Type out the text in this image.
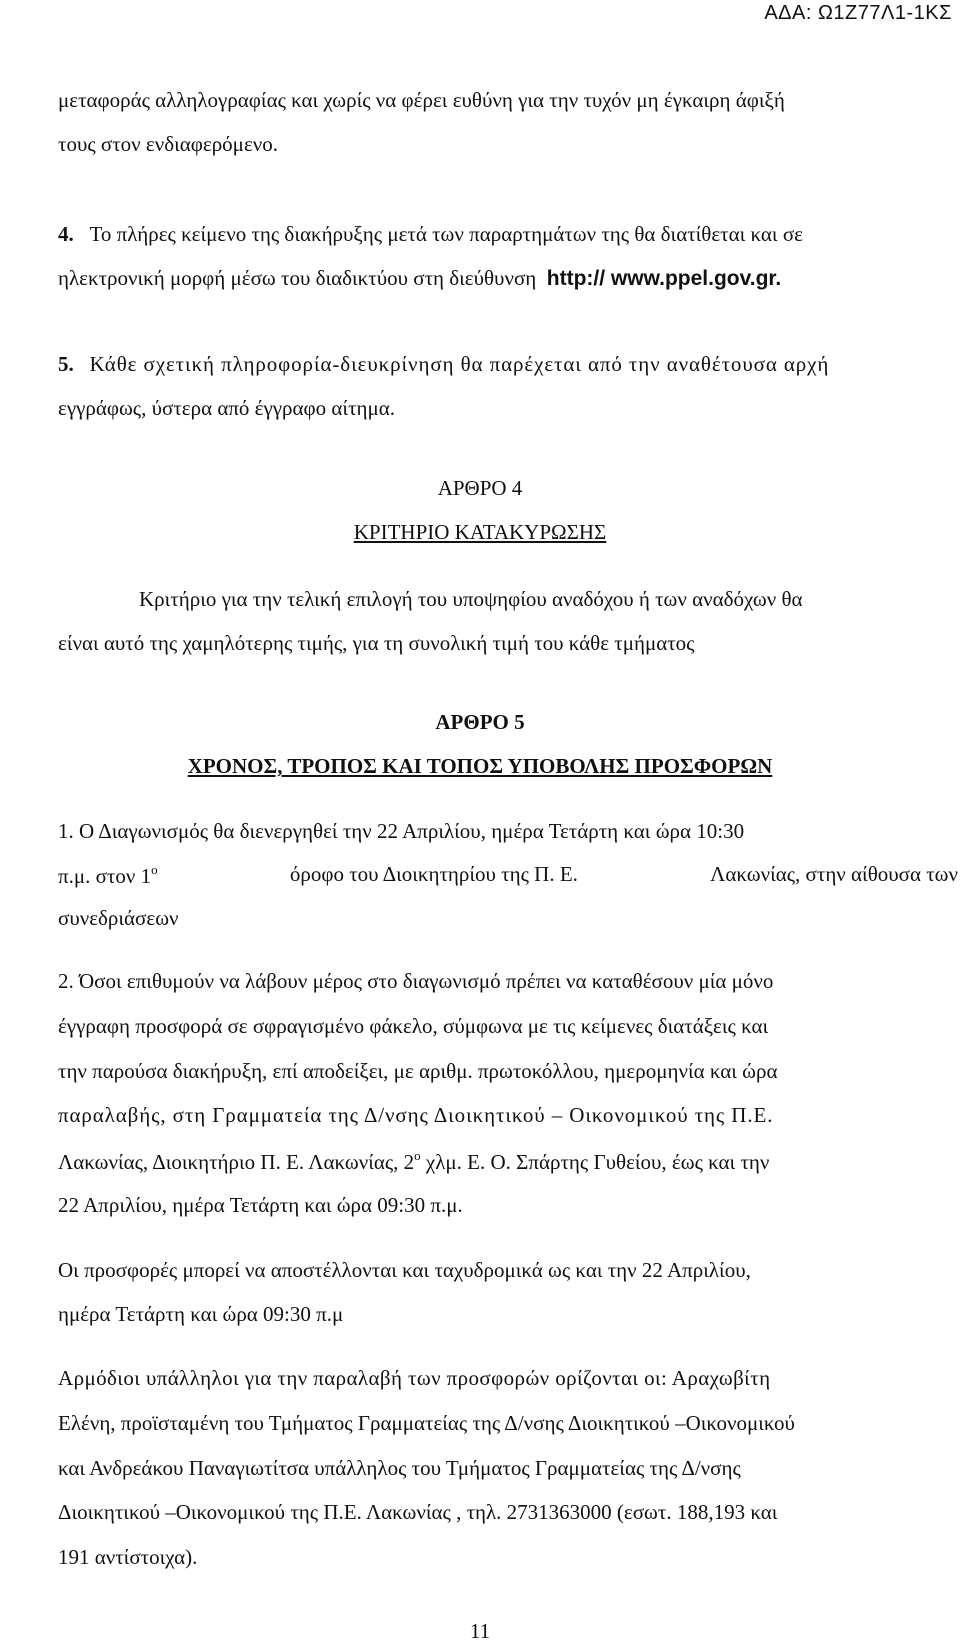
ΑΔΑ: Ω1Ζ77Λ1-1ΚΣ
μεταφοράς αλληλογραφίας και χωρίς να φέρει ευθύνη για την τυχόν μη έγκαιρη άφιξή
τους στον ενδιαφερόμενο.
4. Το πλήρες κείμενο της διακήρυξης μετά των παραρτημάτων της θα διατίθεται και σε
ηλεκτρονική μορφή μέσω του διαδικτύου στη διεύθυνση http:// www.ppel.gov.gr.
5. Κάθε σχετική πληροφορία-διευκρίνηση θα παρέχεται από την αναθέτουσα αρχή
εγγράφως, ύστερα από έγγραφο αίτημα.
ΑΡΘΡΟ 4
ΚΡΙΤΗΡΙΟ ΚΑΤΑΚΥΡΩΣΗΣ
Κριτήριο για την τελική επιλογή του υποψηφίου αναδόχου ή των αναδόχων θα
είναι αυτό της χαμηλότερης τιμής, για τη συνολική τιμή του κάθε τμήματος
ΑΡΘΡΟ 5
ΧΡΟΝΟΣ, ΤΡΟΠΟΣ ΚΑΙ ΤΟΠΟΣ ΥΠΟΒΟΛΗΣ ΠΡΟΣΦΟΡΩΝ
1. Ο Διαγωνισμός θα διενεργηθεί την 22 Απριλίου, ημέρα Τετάρτη και ώρα 10:30
π.μ. στον $1^o$	όροφο του Διοικητηρίου της Π. Ε.	Λακωνίας, στην αίθουσα των
συνεδριάσεων
2. Όσοι επιθυμούν να λάβουν μέρος στο διαγωνισμό πρέπει να καταθέσουν μία μόνο
έγγραφη προσφορά σε σφραγισμένο φάκελο, σύμφωνα με τις κείμενες διατάξεις και
την παρούσα διακήρυξη, επί αποδείξει, με αριθμ. πρωτοκόλλου, ημερομηνία και ώρα
παραλαβής, στη Γραμματεία της Δ/νσης Διοικητικού – Οικονομικού της Π.Ε.
Λακωνίας, Διοικητήριο Π. Ε. Λακωνίας, $2^o$ χλμ. Ε. Ο. Σπάρτης Γυθείου, έως και την
22 Απριλίου, ημέρα Τετάρτη και ώρα 09:30 π.μ.
Οι προσφορές μπορεί να αποστέλλονται και ταχυδρομικά ως και την 22 Απριλίου,
ημέρα Τετάρτη και ώρα 09:30 π.μ
Αρμόδιοι υπάλληλοι για την παραλαβή των προσφορών ορίζονται οι: Αραχωβίτη
Ελένη, προϊσταμένη του Τμήματος Γραμματείας της Δ/νσης Διοικητικού –Οικονομικού
και Ανδρεάκου Παναγιωτίτσα υπάλληλος του Τμήματος Γραμματείας της Δ/νσης
Διοικητικού –Οικονομικού της Π.Ε. Λακωνίας , τηλ. 2731363000 (εσωτ. 188,193 και
191 αντίστοιχα).
11
